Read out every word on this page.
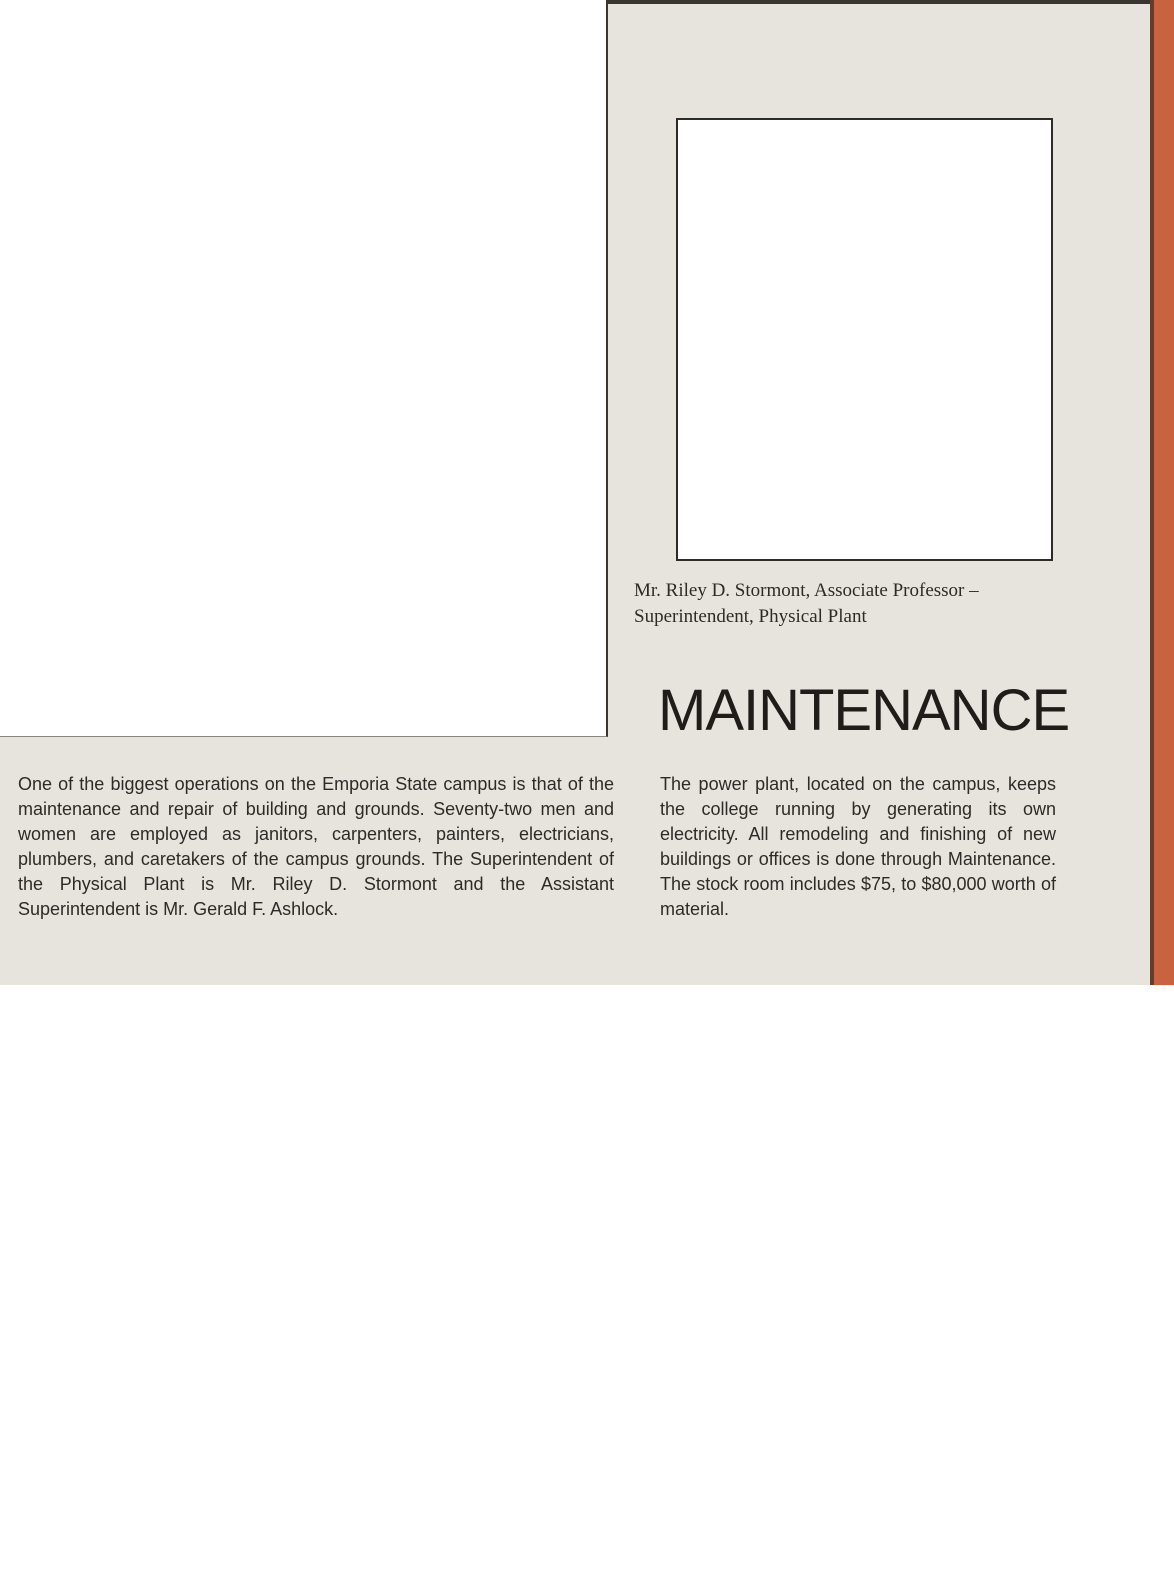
Mr. Riley D. Stormont, Associate Professor –
Superintendent, Physical Plant
MAINTENANCE
One of the biggest operations on the Emporia State campus is that of the maintenance and repair of building and grounds. Seventy-two men and women are employed as janitors, carpenters, painters, electricians, plumbers, and caretakers of the campus grounds. The Superintendent of the Physical Plant is Mr. Riley D. Stormont and the Assistant Superintendent is Mr. Gerald F. Ashlock.
The power plant, located on the campus, keeps the college running by generating its own electricity. All remodeling and finishing of new buildings or offices is done through Maintenance. The stock room includes $75, to $80,000 worth of material.
